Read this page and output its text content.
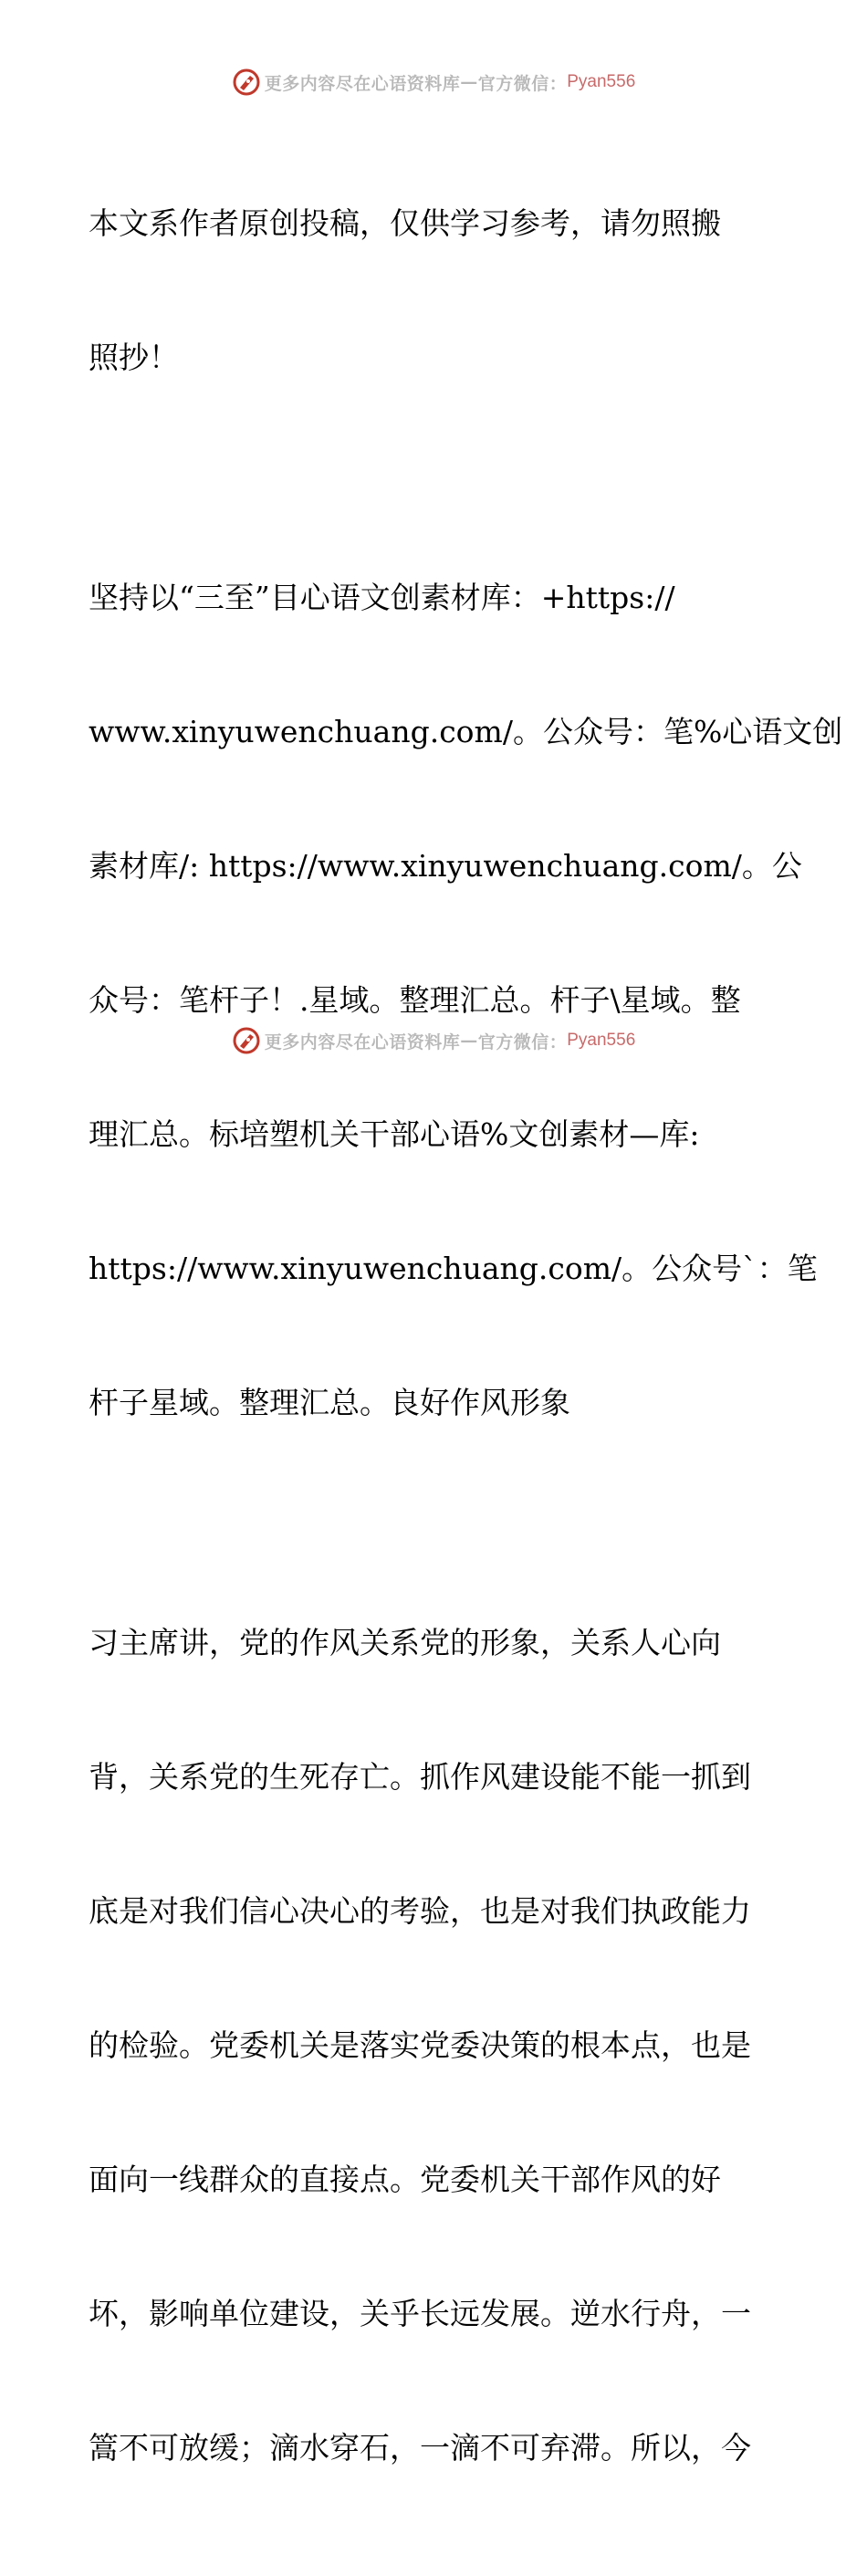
更多内容尽在心语资料库 — 官方微信： Pyan556

本文系作者原创投稿，仅供学习参考，请勿照搬

照抄！

坚持以“三至”目心语文创素材库：+https://

www.xinyuwenchuang.com/。公众号：笔%心语文创

素材库/: https://www.xinyuwenchuang.com/。公

众号：笔杆子！.星域。整理汇总。杆子\星域。整

理汇总。标培塑机关干部心语%文创素材—库:

https://www.xinyuwenchuang.com/。公众号`：笔

杆子星域。整理汇总。良好作风形象

习主席讲，党的作风关系党的形象，关系人心向

背，关系党的生死存亡。抓作风建设能不能一抓到

底是对我们信心决心的考验，也是对我们执政能力

的检验。党委机关是落实党委决策的根本点，也是

面向一线群众的直接点。党委机关干部作风的好

坏，影响单位建设，关乎长远发展。逆水行舟，一

篙不可放缓；滴水穿石，一滴不可弃滞。所以，今

更多内容尽在心语资料库 — 官方微信： Pyan556
